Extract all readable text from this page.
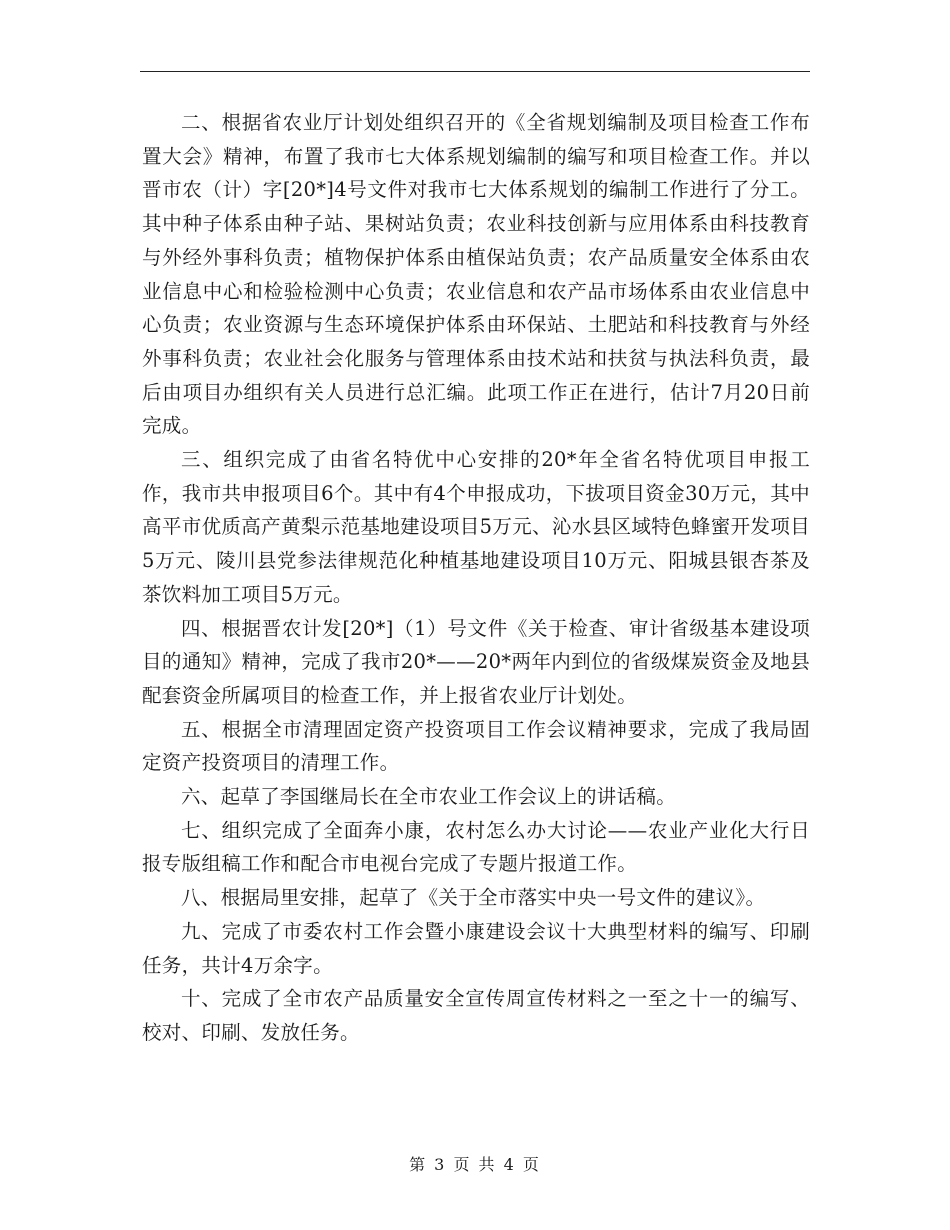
二、根据省农业厅计划处组织召开的《全省规划编制及项目检查工作布置大会》精神，布置了我市七大体系规划编制的编写和项目检查工作。并以晋市农（计）字[20*]4号文件对我市七大体系规划的编制工作进行了分工。其中种子体系由种子站、果树站负责；农业科技创新与应用体系由科技教育与外经外事科负责；植物保护体系由植保站负责；农产品质量安全体系由农业信息中心和检验检测中心负责；农业信息和农产品市场体系由农业信息中心负责；农业资源与生态环境保护体系由环保站、土肥站和科技教育与外经外事科负责；农业社会化服务与管理体系由技术站和扶贫与执法科负责，最后由项目办组织有关人员进行总汇编。此项工作正在进行，估计7月20日前完成。

三、组织完成了由省名特优中心安排的20*年全省名特优项目申报工作，我市共申报项目6个。其中有4个申报成功，下拔项目资金30万元，其中高平市优质高产黄梨示范基地建设项目5万元、沁水县区域特色蜂蜜开发项目5万元、陵川县党参法律规范化种植基地建设项目10万元、阳城县银杏茶及茶饮料加工项目5万元。

四、根据晋农计发[20*]（1）号文件《关于检查、审计省级基本建设项目的通知》精神，完成了我市20*——20*两年内到位的省级煤炭资金及地县配套资金所属项目的检查工作，并上报省农业厅计划处。

五、根据全市清理固定资产投资项目工作会议精神要求，完成了我局固定资产投资项目的清理工作。

六、起草了李国继局长在全市农业工作会议上的讲话稿。

七、组织完成了全面奔小康，农村怎么办大讨论——农业产业化大行日报专版组稿工作和配合市电视台完成了专题片报道工作。

八、根据局里安排，起草了《关于全市落实中央一号文件的建议》。

九、完成了市委农村工作会暨小康建设会议十大典型材料的编写、印刷任务，共计4万余字。

十、完成了全市农产品质量安全宣传周宣传材料之一至之十一的编写、校对、印刷、发放任务。

第 3 页 共 4 页
